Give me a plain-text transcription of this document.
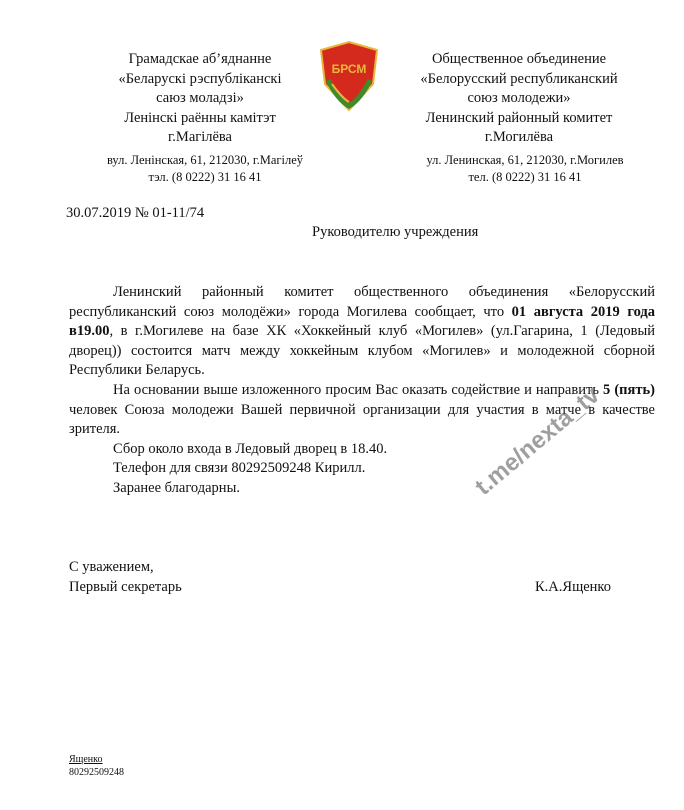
Грамадскае аб’яднанне
«Беларускі рэспубліканскі
саюз моладзі»
Ленінскі раённы камітэт
г.Магілёва
БРСМ
Общественное объединение
«Белорусский республиканский
союз молодежи»
Ленинский районный комитет
г.Могилёва
вул. Ленінская, 61, 212030, г.Магілеў
тэл. (8 0222) 31 16 41
ул. Ленинская, 61, 212030, г.Могилев
тел. (8 0222) 31 16 41
30.07.2019 № 01-11/74
Руководителю учреждения

Ленинский районный комитет общественного объединения «Белорусский республиканский союз молодёжи» города Могилева сообщает, что 01 августа 2019 года в19.00, в г.Могилеве на базе ХК «Хоккейный клуб «Могилев» (ул.Гагарина, 1 (Ледовый дворец)) состоится матч между хоккейным клубом «Могилев» и молодежной сборной Республики Беларусь.

На основании выше изложенного просим Вас оказать содействие и направить 5 (пять) человек Союза молодежи Вашей первичной организации для участия в матче в качестве зрителя.

Сбор около входа в Ледовый дворец в 18.40.

Телефон для связи 80292509248 Кирилл.

Заранее благодарны.

С уважением,
Первый секретарь	К.А.Ященко
t.me/nexta_tv
Ященко
80292509248
